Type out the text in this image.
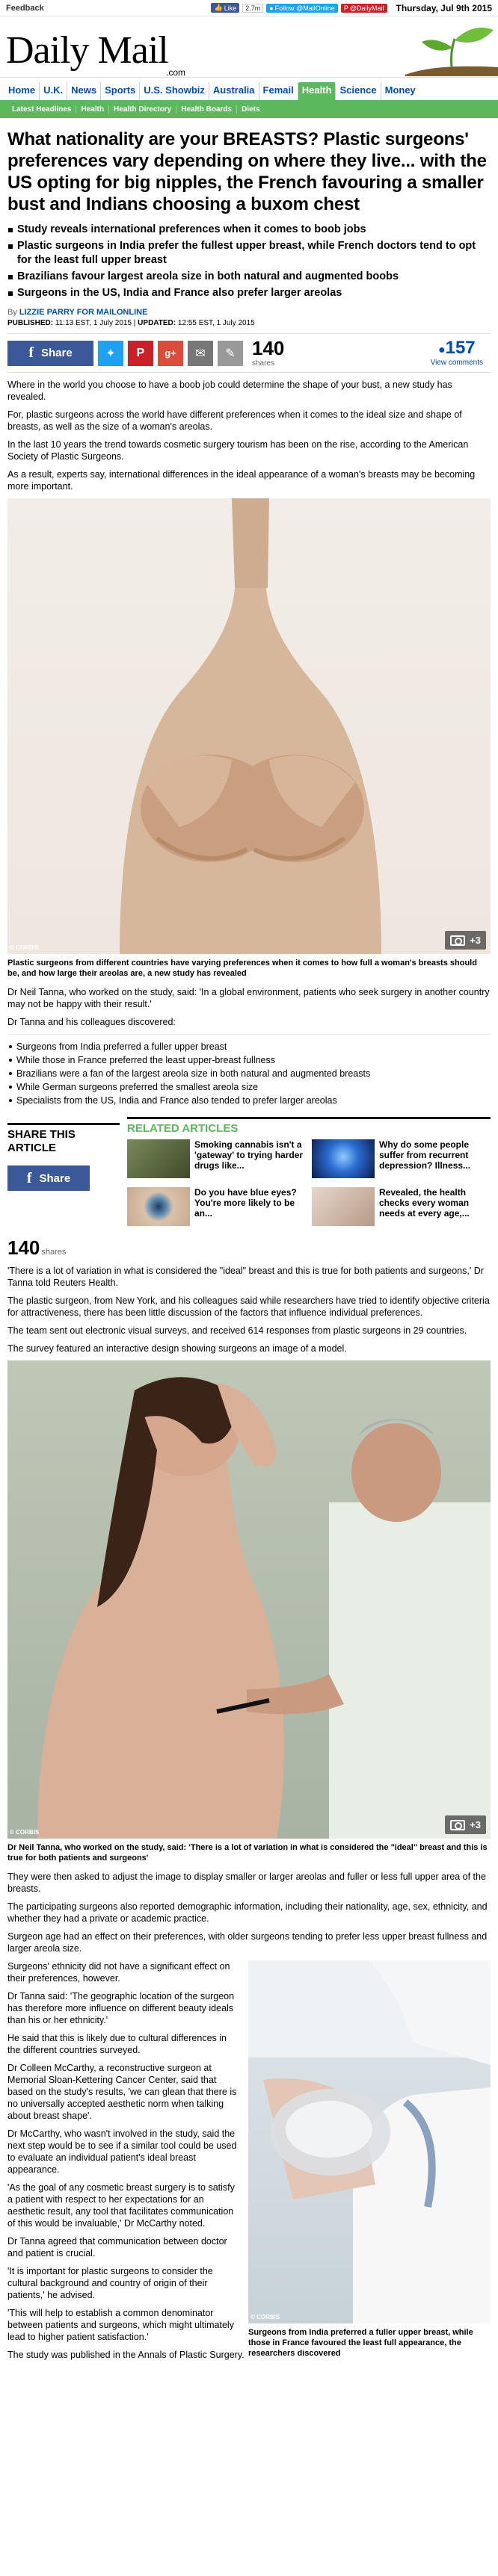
Feedback	👍 Like	2.7m	● Follow @MailOnline P @DailyMail Thursday, Jul 9th 2015
Daily Mail
.com
Home U.K. News Sports U.S. Showbiz Australia Femail Health Science Money
Latest Headlines	Health	Health Directory	Health Boards	Diets
What nationality are your BREASTS? Plastic surgeons' preferences vary depending on where they live... with the US opting for big nipples, the French favouring a smaller bust and Indians choosing a buxom chest
Study reveals international preferences when it comes to boob jobs
Plastic surgeons in India prefer the fullest upper breast, while French doctors tend to opt for the least full upper breast
Brazilians favour largest areola size in both natural and augmented boobs
Surgeons in the US, India and France also prefer larger areolas
By LIZZIE PARRY FOR MAILONLINE
PUBLISHED: 11:13 EST, 1 July 2015 | UPDATED: 12:55 EST, 1 July 2015
f Share	✦ P g+ ✉ ✎ 140
shares
●157
View comments

Where in the world you choose to have a boob job could determine the shape of your bust, a new study has revealed.

For, plastic surgeons across the world have different preferences when it comes to the ideal size and shape of breasts, as well as the size of a woman's areolas.

In the last 10 years the trend towards cosmetic surgery tourism has been on the rise, according to the American Society of Plastic Surgeons.

As a result, experts say, international differences in the ideal appearance of a woman's breasts may be becoming more important.

© CORBIS
+3

Plastic surgeons from different countries have varying preferences when it comes to how full a woman's breasts should be, and how large their areolas are, a new study has revealed

Dr Neil Tanna, who worked on the study, said: 'In a global environment, patients who seek surgery in another country may not be happy with their result.'

Dr Tanna and his colleagues discovered:

Surgeons from India preferred a fuller upper breast
While those in France preferred the least upper-breast fullness
Brazilians were a fan of the largest areola size in both natural and augmented breasts
While German surgeons preferred the smallest areola size
Specialists from the US, India and France also tended to prefer larger areolas
SHARE THIS ARTICLE
f Share
RELATED ARTICLES
Smoking cannabis isn't a 'gateway' to trying harder drugs like...
Why do some people suffer from recurrent depression? Illness...
Do you have blue eyes? You're more likely to be an...
Revealed, the health checks every woman needs at every age,...
140 shares

'There is a lot of variation in what is considered the "ideal" breast and this is true for both patients and surgeons,' Dr Tanna told Reuters Health.

The plastic surgeon, from New York, and his colleagues said while researchers have tried to identify objective criteria for attractiveness, there has been little discussion of the factors that influence individual preferences.

The team sent out electronic visual surveys, and received 614 responses from plastic surgeons in 29 countries.

The survey featured an interactive design showing surgeons an image of a model.

© CORBIS
+3

Dr Neil Tanna, who worked on the study, said: 'There is a lot of variation in what is considered the "ideal" breast and this is true for both patients and surgeons'

They were then asked to adjust the image to display smaller or larger areolas and fuller or less full upper area of the breasts.

The participating surgeons also reported demographic information, including their nationality, age, sex, ethnicity, and whether they had a private or academic practice.

Surgeon age had an effect on their preferences, with older surgeons tending to prefer less upper breast fullness and larger areola size.

Surgeons' ethnicity did not have a significant effect on their preferences, however.

Dr Tanna said: 'The geographic location of the surgeon has therefore more influence on different beauty ideals than his or her ethnicity.'

He said that this is likely due to cultural differences in the different countries surveyed.

Dr Colleen McCarthy, a reconstructive surgeon at Memorial Sloan-Kettering Cancer Center, said that based on the study's results, 'we can glean that there is no universally accepted aesthetic norm when talking about breast shape'.

Dr McCarthy, who wasn't involved in the study, said the next step would be to see if a similar tool could be used to evaluate an individual patient's ideal breast appearance.

'As the goal of any cosmetic breast surgery is to satisfy a patient with respect to her expectations for an aesthetic result, any tool that facilitates communication of this would be invaluable,' Dr McCarthy noted.

Dr Tanna agreed that communication between doctor and patient is crucial.

'It is important for plastic surgeons to consider the cultural background and country of origin of their patients,' he advised.

'This will help to establish a common denominator between patients and surgeons, which might ultimately lead to higher patient satisfaction.'

© CORBIS

Surgeons from India preferred a fuller upper breast, while those in France favoured the least full appearance, the researchers discovered

The study was published in the Annals of Plastic Surgery.
